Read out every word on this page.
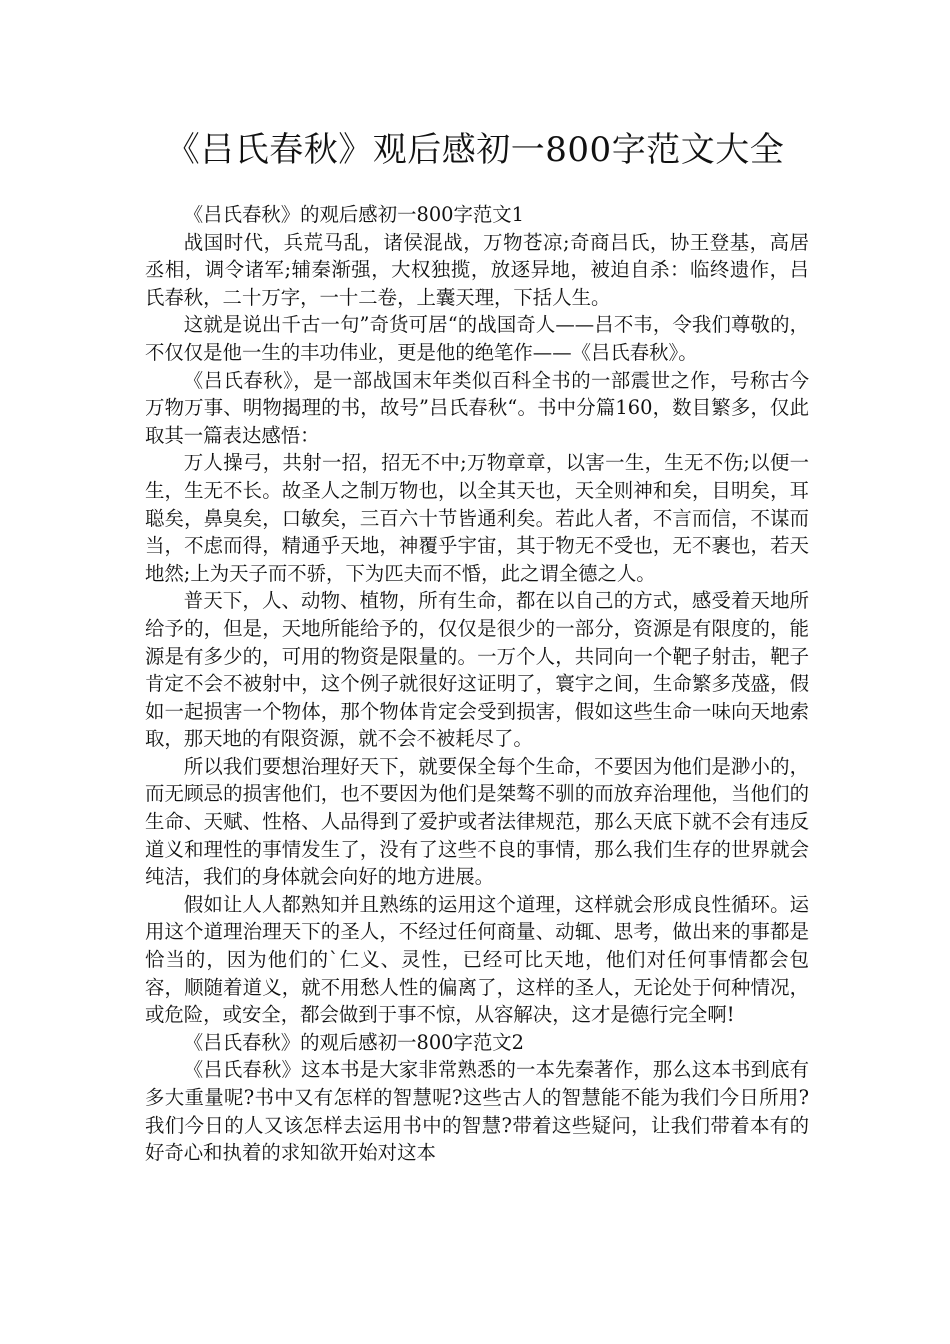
《吕氏春秋》观后感初一800字范文大全

《吕氏春秋》的观后感初一800字范文1

战国时代，兵荒马乱，诸侯混战，万物苍凉;奇商吕氏，协王登基，高居丞相，调令诸军;辅秦渐强，大权独揽，放逐异地，被迫自杀：临终遗作，吕氏春秋，二十万字，一十二卷，上囊天理，下括人生。

这就是说出千古一句”奇货可居“的战国奇人——吕不韦，令我们尊敬的，不仅仅是他一生的丰功伟业，更是他的绝笔作——《吕氏春秋》。

《吕氏春秋》，是一部战国末年类似百科全书的一部震世之作，号称古今万物万事、明物揭理的书，故号”吕氏春秋“。书中分篇160，数目繁多，仅此取其一篇表达感悟：

万人操弓，共射一招，招无不中;万物章章，以害一生，生无不伤;以便一生，生无不长。故圣人之制万物也，以全其天也，天全则神和矣，目明矣，耳聪矣，鼻臭矣，口敏矣，三百六十节皆通利矣。若此人者，不言而信，不谋而当，不虑而得，精通乎天地，神覆乎宇宙，其于物无不受也，无不裹也，若天地然;上为天子而不骄，下为匹夫而不惛，此之谓全德之人。

普天下，人、动物、植物，所有生命，都在以自己的方式，感受着天地所给予的，但是，天地所能给予的，仅仅是很少的一部分，资源是有限度的，能源是有多少的，可用的物资是限量的。一万个人，共同向一个靶子射击，靶子肯定不会不被射中，这个例子就很好这证明了，寰宇之间，生命繁多茂盛，假如一起损害一个物体，那个物体肯定会受到损害，假如这些生命一味向天地索取，那天地的有限资源，就不会不被耗尽了。

所以我们要想治理好天下，就要保全每个生命，不要因为他们是渺小的，而无顾忌的损害他们，也不要因为他们是桀骜不驯的而放弃治理他，当他们的生命、天赋、性格、人品得到了爱护或者法律规范，那么天底下就不会有违反道义和理性的事情发生了，没有了这些不良的事情，那么我们生存的世界就会纯洁，我们的身体就会向好的地方进展。

假如让人人都熟知并且熟练的运用这个道理，这样就会形成良性循环。运用这个道理治理天下的圣人，不经过任何商量、动辄、思考，做出来的事都是恰当的，因为他们的`仁义、灵性，已经可比天地，他们对任何事情都会包容，顺随着道义，就不用愁人性的偏离了，这样的圣人，无论处于何种情况，或危险，或安全，都会做到于事不惊，从容解决，这才是德行完全啊!

《吕氏春秋》的观后感初一800字范文2

《吕氏春秋》这本书是大家非常熟悉的一本先秦著作，那么这本书到底有多大重量呢?书中又有怎样的智慧呢?这些古人的智慧能不能为我们今日所用?我们今日的人又该怎样去运用书中的智慧?带着这些疑问，让我们带着本有的好奇心和执着的求知欲开始对这本
